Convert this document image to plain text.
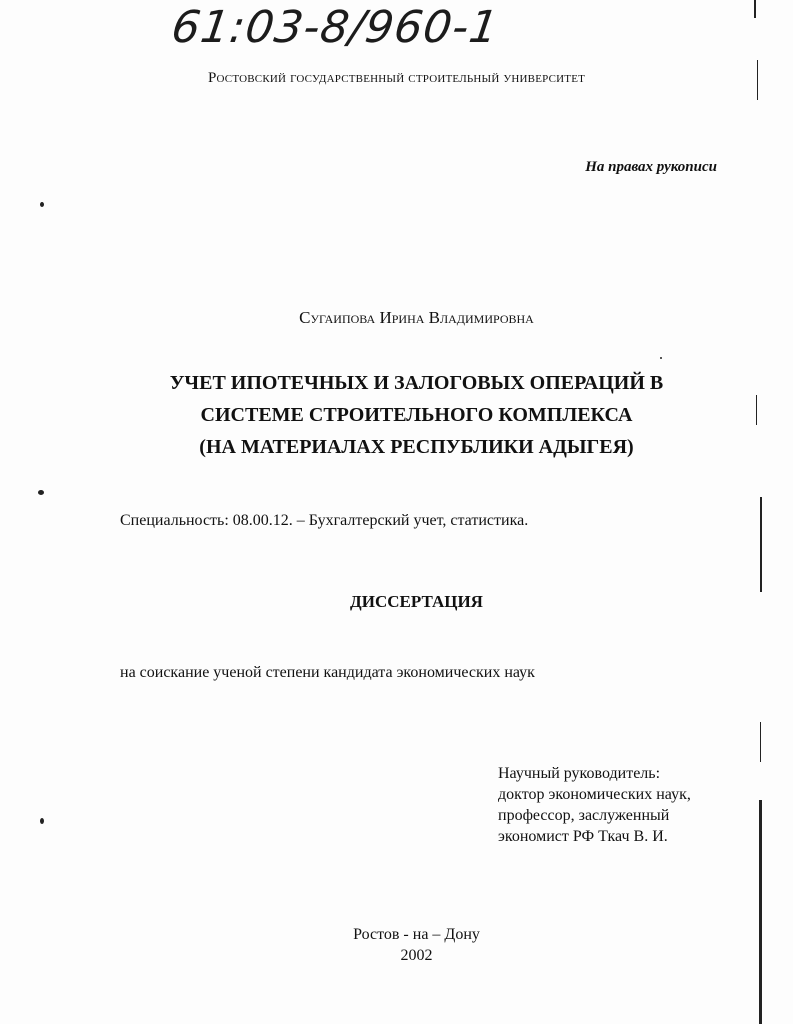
61:03-8/960-1
Ростовский государственный строительный университет
На правах рукописи
Сугаипова Ирина Владимировна
УЧЕТ ИПОТЕЧНЫХ И ЗАЛОГОВЫХ ОПЕРАЦИЙ В
СИСТЕМЕ СТРОИТЕЛЬНОГО КОМПЛЕКСА
(НА МАТЕРИАЛАХ РЕСПУБЛИКИ АДЫГЕЯ)
Специальность: 08.00.12. – Бухгалтерский учет, статистика.
ДИССЕРТАЦИЯ
на соискание ученой степени кандидата экономических наук
Научный руководитель:
доктор экономических наук,
профессор, заслуженный
экономист РФ Ткач В. И.
Ростов - на – Дону
2002
